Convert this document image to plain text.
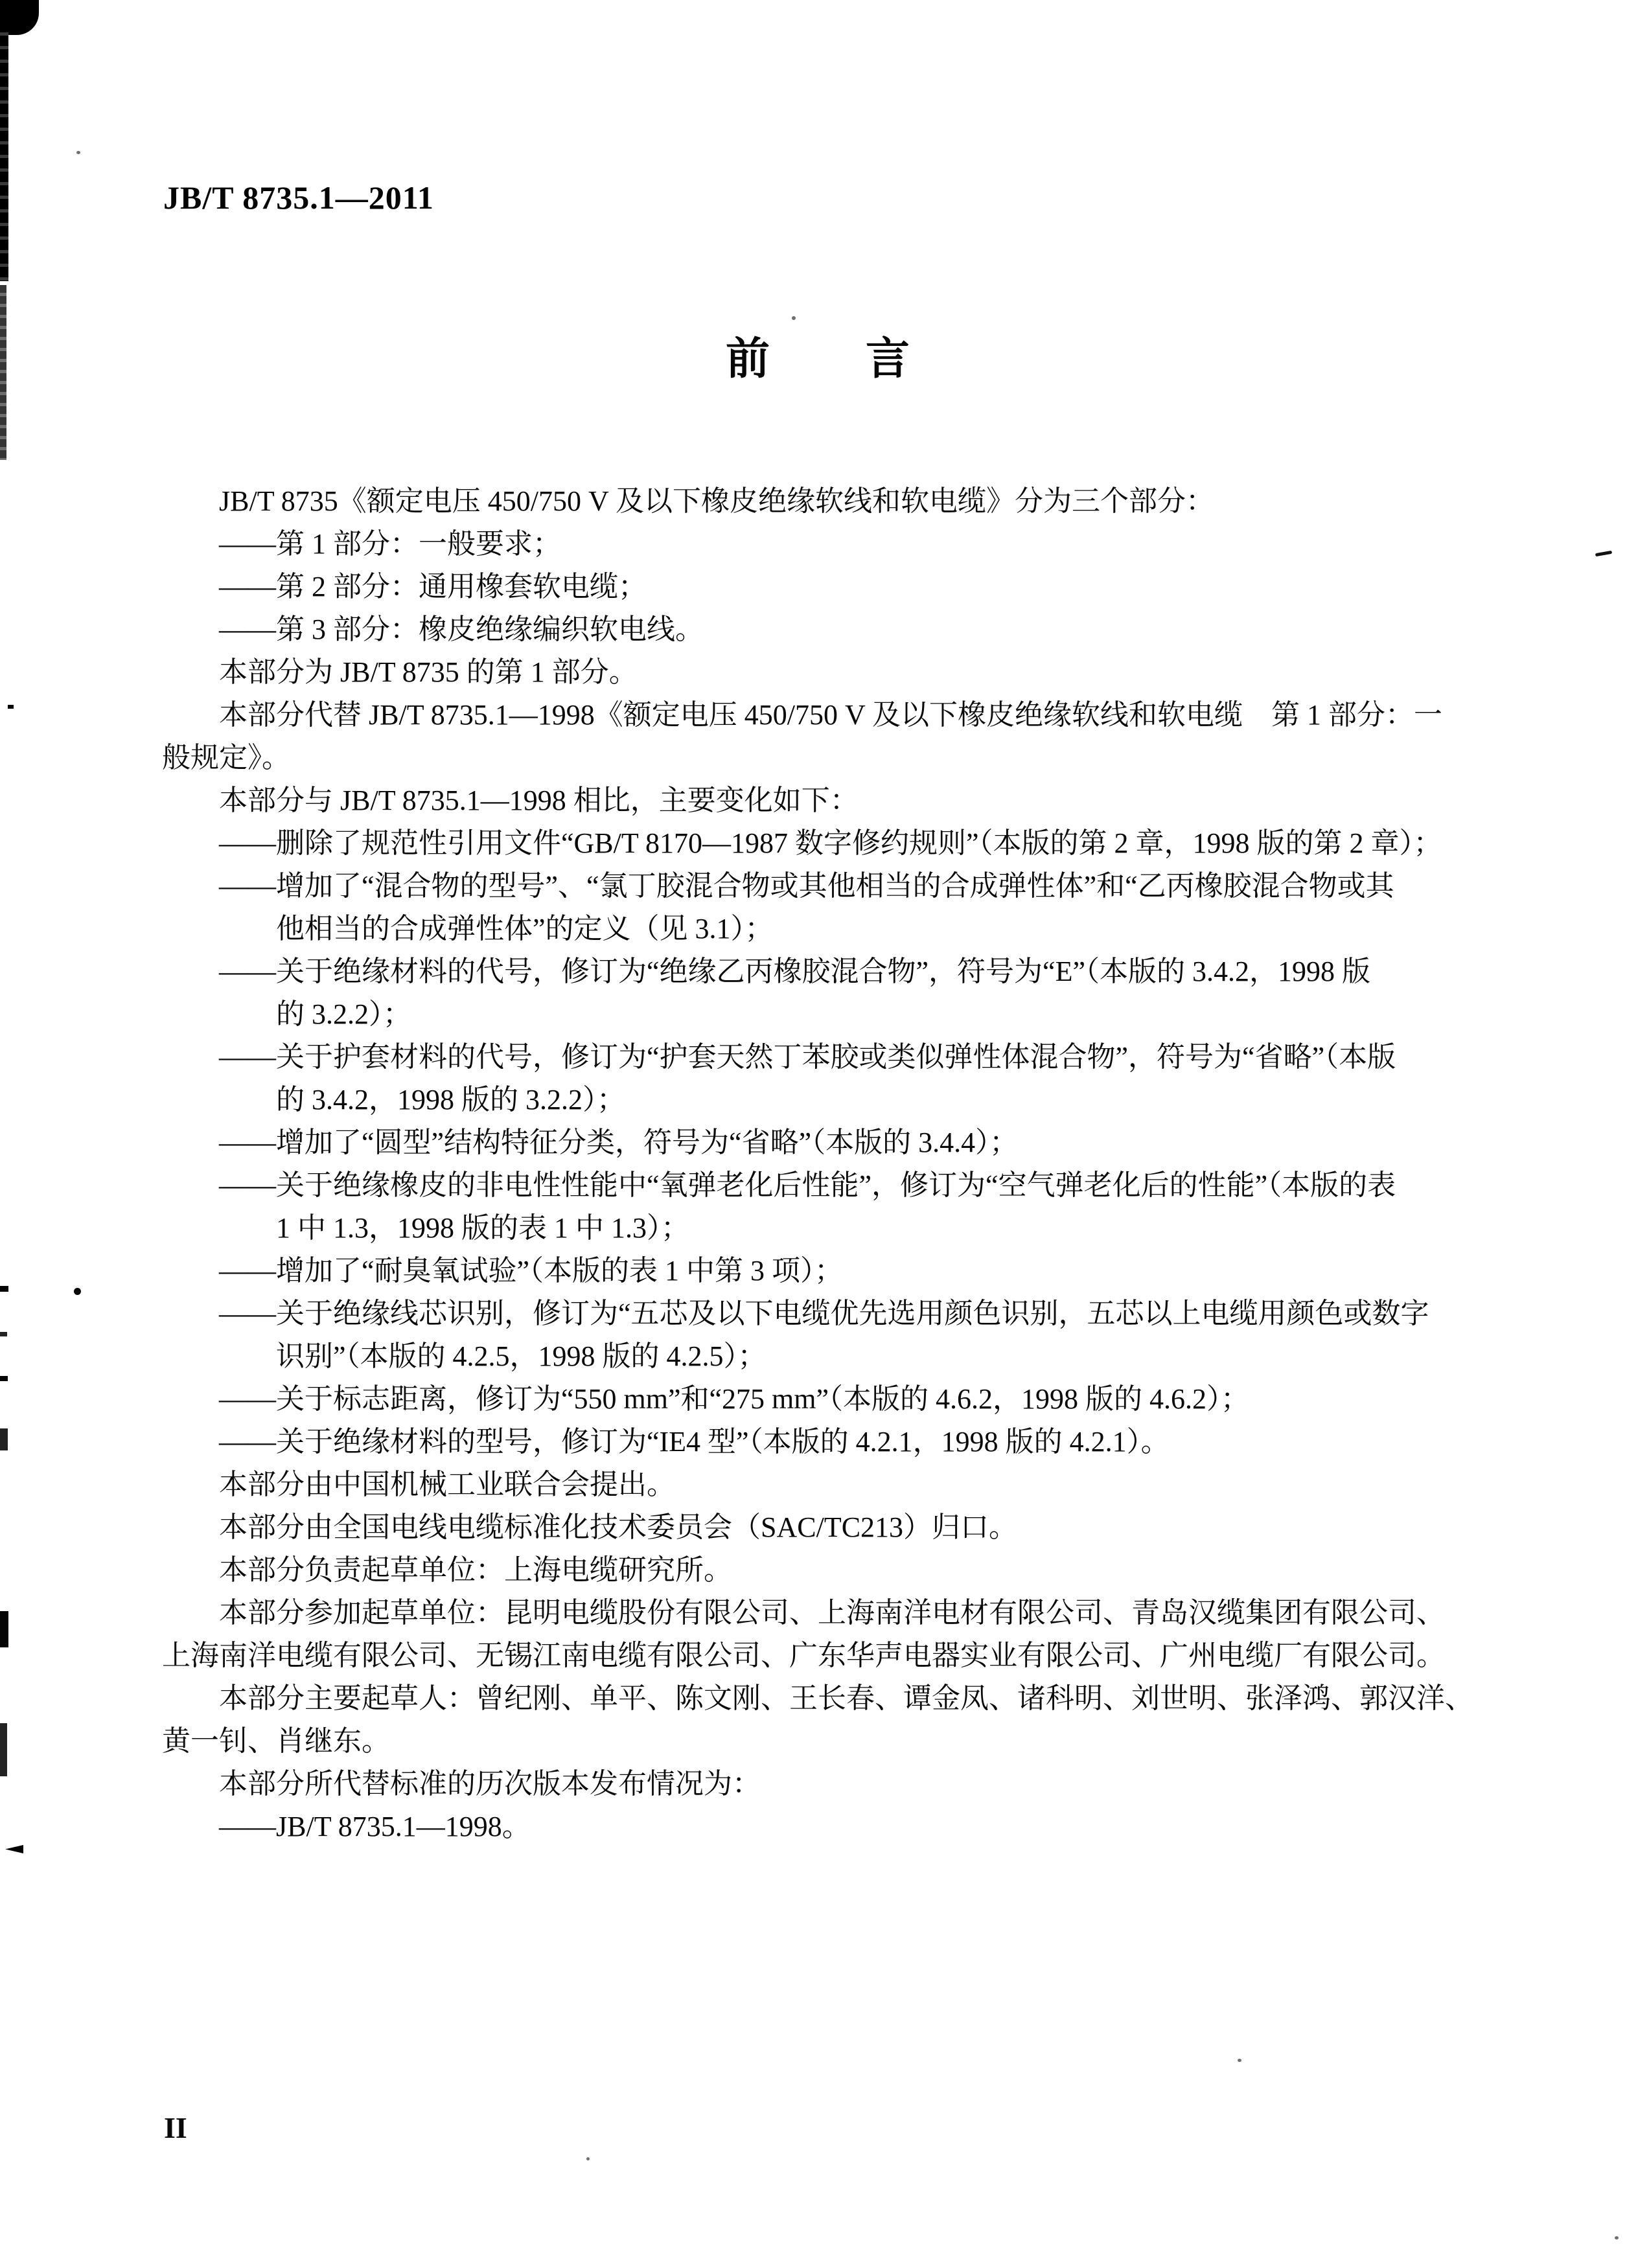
JB/T 8735.1—2011
前　　言
JB/T 8735《额定电压 450/750 V 及以下橡皮绝缘软线和软电缆》分为三个部分：
——第 1 部分：一般要求；
——第 2 部分：通用橡套软电缆；
——第 3 部分：橡皮绝缘编织软电线。
本部分为 JB/T 8735 的第 1 部分。
本部分代替 JB/T 8735.1—1998《额定电压 450/750 V 及以下橡皮绝缘软线和软电缆　第 1 部分：一
般规定》。
本部分与 JB/T 8735.1—1998 相比，主要变化如下：
——删除了规范性引用文件“GB/T 8170—1987 数字修约规则”（本版的第 2 章，1998 版的第 2 章）；
——增加了“混合物的型号”、“氯丁胶混合物或其他相当的合成弹性体”和“乙丙橡胶混合物或其
他相当的合成弹性体”的定义（见 3.1）；
——关于绝缘材料的代号，修订为“绝缘乙丙橡胶混合物”，符号为“E”（本版的 3.4.2，1998 版
的 3.2.2）；
——关于护套材料的代号，修订为“护套天然丁苯胶或类似弹性体混合物”，符号为“省略”（本版
的 3.4.2，1998 版的 3.2.2）；
——增加了“圆型”结构特征分类，符号为“省略”（本版的 3.4.4）；
——关于绝缘橡皮的非电性性能中“氧弹老化后性能”，修订为“空气弹老化后的性能”（本版的表
1 中 1.3，1998 版的表 1 中 1.3）；
——增加了“耐臭氧试验”（本版的表 1 中第 3 项）；
——关于绝缘线芯识别，修订为“五芯及以下电缆优先选用颜色识别，五芯以上电缆用颜色或数字
识别”（本版的 4.2.5，1998 版的 4.2.5）；
——关于标志距离，修订为“550 mm”和“275 mm”（本版的 4.6.2，1998 版的 4.6.2）；
——关于绝缘材料的型号，修订为“IE4 型”（本版的 4.2.1，1998 版的 4.2.1）。
本部分由中国机械工业联合会提出。
本部分由全国电线电缆标准化技术委员会（SAC/TC213）归口。
本部分负责起草单位：上海电缆研究所。
本部分参加起草单位：昆明电缆股份有限公司、上海南洋电材有限公司、青岛汉缆集团有限公司、
上海南洋电缆有限公司、无锡江南电缆有限公司、广东华声电器实业有限公司、广州电缆厂有限公司。
本部分主要起草人：曾纪刚、单平、陈文刚、王长春、谭金凤、诸科明、刘世明、张泽鸿、郭汉洋、
黄一钊、肖继东。
本部分所代替标准的历次版本发布情况为：
——JB/T 8735.1—1998。
II
